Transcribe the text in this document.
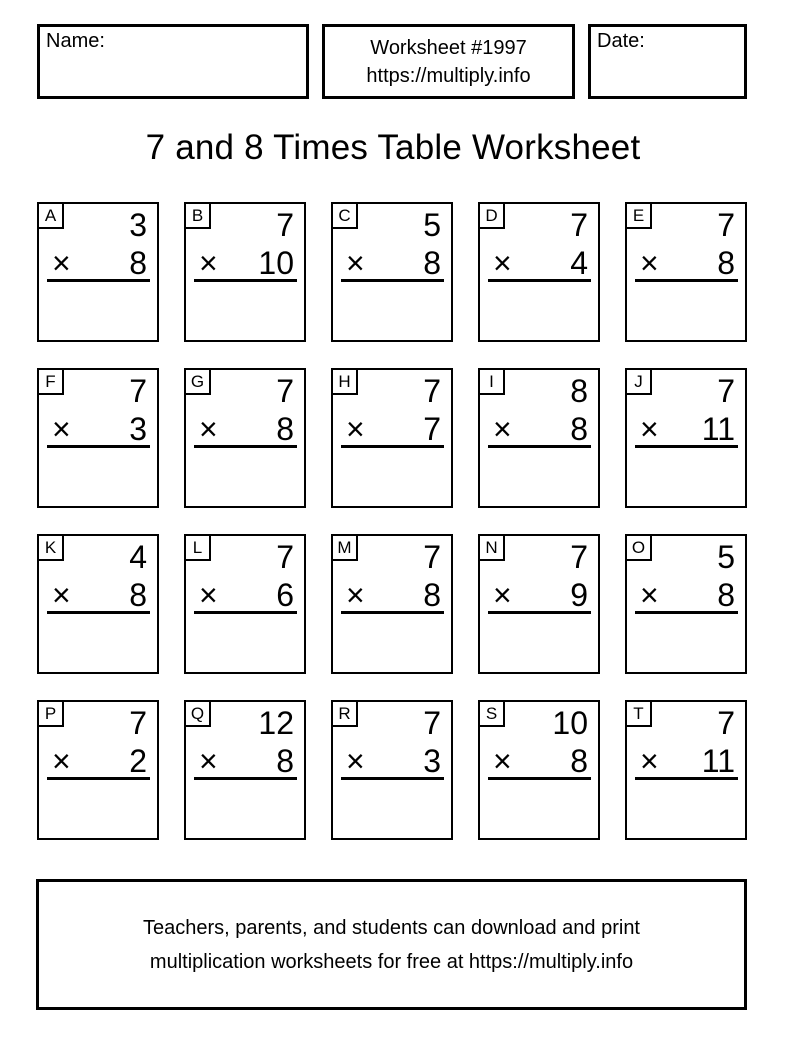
Name:	Worksheet #1997
https://multiply.info
Date:
7 and 8 Times Table Worksheet
A 3
× 8
B 7
× 10
C 5
× 8
D 7
× 4
E 7
× 8
F 7
× 3
G 7
× 8
H 7
× 7
I 8
× 8
J 7
× 11
K 4
× 8
L 7
× 6
M 7
× 8
N 7
× 9
O 5
× 8
P 7
× 2
Q 12
× 8
R 7
× 3
S 10
× 8
T 7
× 11
Teachers, parents, and students can download and print
multiplication worksheets for free at https://multiply.info
